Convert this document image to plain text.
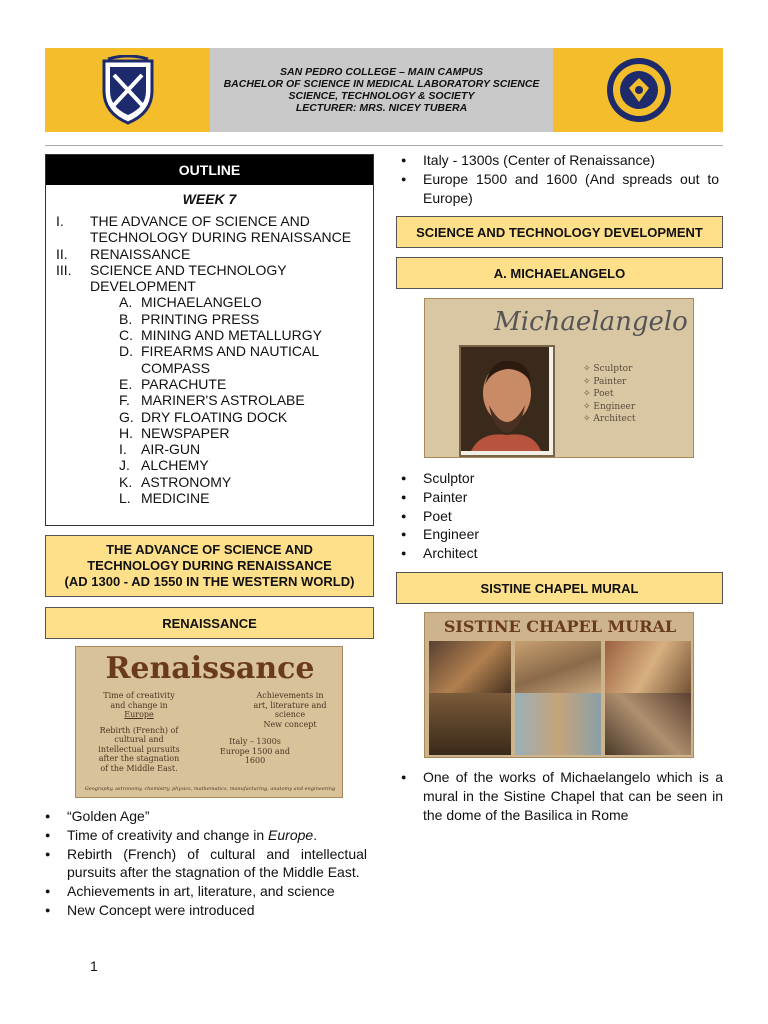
SAN PEDRO COLLEGE – MAIN CAMPUS
BACHELOR OF SCIENCE IN MEDICAL LABORATORY SCIENCE
SCIENCE, TECHNOLOGY & SOCIETY
LECTURER: MRS. NICEY TUBERA
OUTLINE
WEEK 7
I. THE ADVANCE OF SCIENCE AND
TECHNOLOGY DURING RENAISSANCE
II. RENAISSANCE
III. SCIENCE AND TECHNOLOGY
DEVELOPMENT
A. MICHAELANGELO
B. PRINTING PRESS
C. MINING AND METALLURGY
D. FIREARMS AND NAUTICAL
COMPASS
E. PARACHUTE
F. MARINER'S ASTROLABE
G. DRY FLOATING DOCK
H. NEWSPAPER
I. AIR-GUN
J. ALCHEMY
K. ASTRONOMY
L. MEDICINE
THE ADVANCE OF SCIENCE AND
TECHNOLOGY DURING RENAISSANCE
(AD 1300 - AD 1550 IN THE WESTERN WORLD)
RENAISSANCE
Renaissance
Time of creativity
and change in
Europe
Rebirth (French) of
cultural and
intellectual pursuits
after the stagnation
of the Middle East.
Achievements in
art, literature and
science
New concept
Italy – 1300s
Europe 1500 and
1600
Geography, astronomy, chemistry, physics, mathematics, manufacturing, anatomy and engineering
● “Golden Age”
● Time of creativity and change in Europe.
● Rebirth (French) of cultural and intellectual
pursuits after the stagnation of the Middle East.
● Achievements in art, literature, and science
● New Concept were introduced
● Italy - 1300s (Center of Renaissance)
● Europe 1500 and 1600 (And spreads out to
Europe)
SCIENCE AND TECHNOLOGY DEVELOPMENT
A. MICHAELANGELO
Michaelangelo
✧ Sculptor
✧ Painter
✧ Poet
✧ Engineer
✧ Architect
● Sculptor
● Painter
● Poet
● Engineer
● Architect
SISTINE CHAPEL MURAL
SISTINE CHAPEL MURAL
● One of the works of Michaelangelo which is a
mural in the Sistine Chapel that can be seen in
the dome of the Basilica in Rome
1
